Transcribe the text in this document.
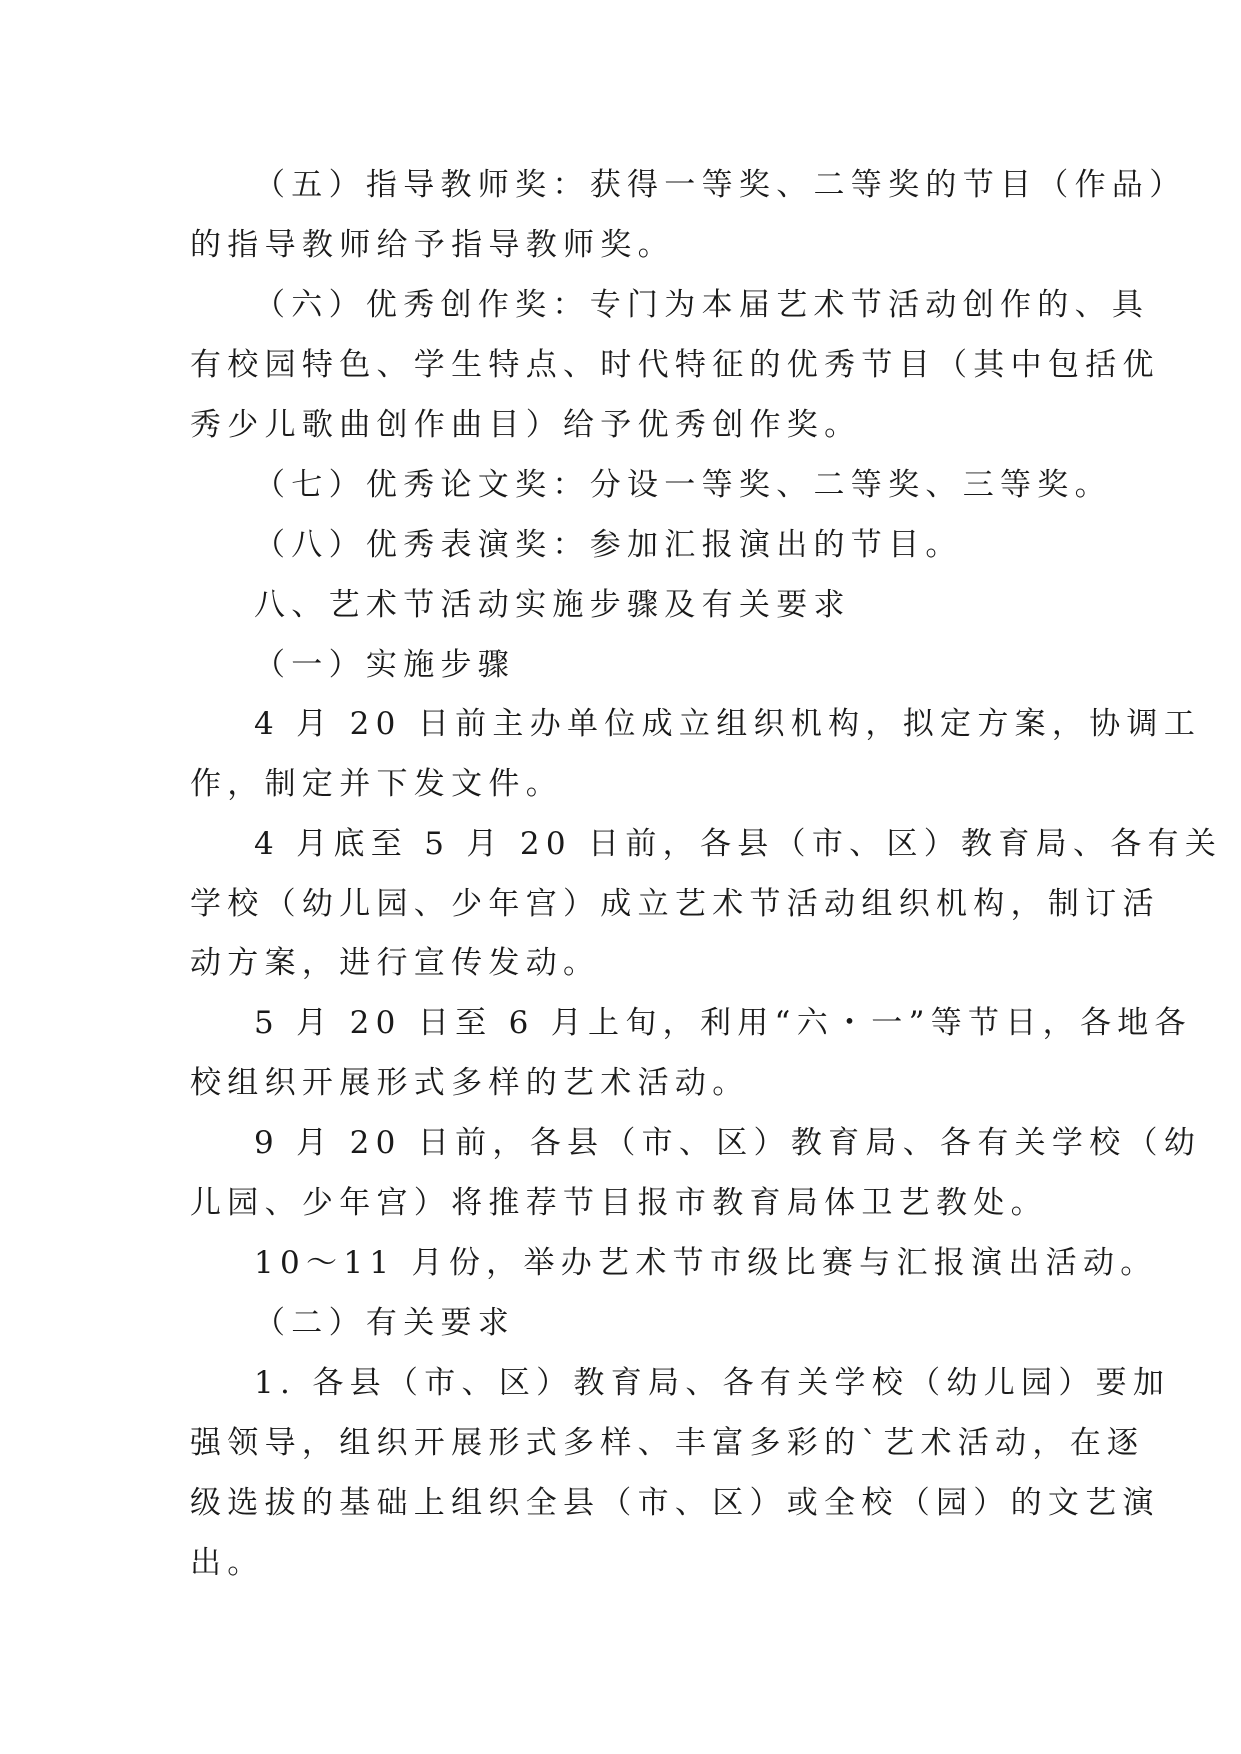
（五）指导教师奖：获得一等奖、二等奖的节目（作品）
的指导教师给予指导教师奖。
（六）优秀创作奖：专门为本届艺术节活动创作的、具
有校园特色、学生特点、时代特征的优秀节目（其中包括优
秀少儿歌曲创作曲目）给予优秀创作奖。
（七）优秀论文奖：分设一等奖、二等奖、三等奖。
（八）优秀表演奖：参加汇报演出的节目。
八、艺术节活动实施步骤及有关要求
（一）实施步骤
4 月 20 日前主办单位成立组织机构，拟定方案，协调工
作，制定并下发文件。
4 月底至 5 月 20 日前，各县（市、区）教育局、各有关
学校（幼儿园、少年宫）成立艺术节活动组织机构，制订活
动方案，进行宣传发动。
5 月 20 日至 6 月上旬，利用“六・一”等节日，各地各
校组织开展形式多样的艺术活动。
9 月 20 日前，各县（市、区）教育局、各有关学校（幼
儿园、少年宫）将推荐节目报市教育局体卫艺教处。
10～11 月份，举办艺术节市级比赛与汇报演出活动。
（二）有关要求
1. 各县（市、区）教育局、各有关学校（幼儿园）要加
强领导，组织开展形式多样、丰富多彩的`艺术活动，在逐
级选拔的基础上组织全县（市、区）或全校（园）的文艺演
出。
